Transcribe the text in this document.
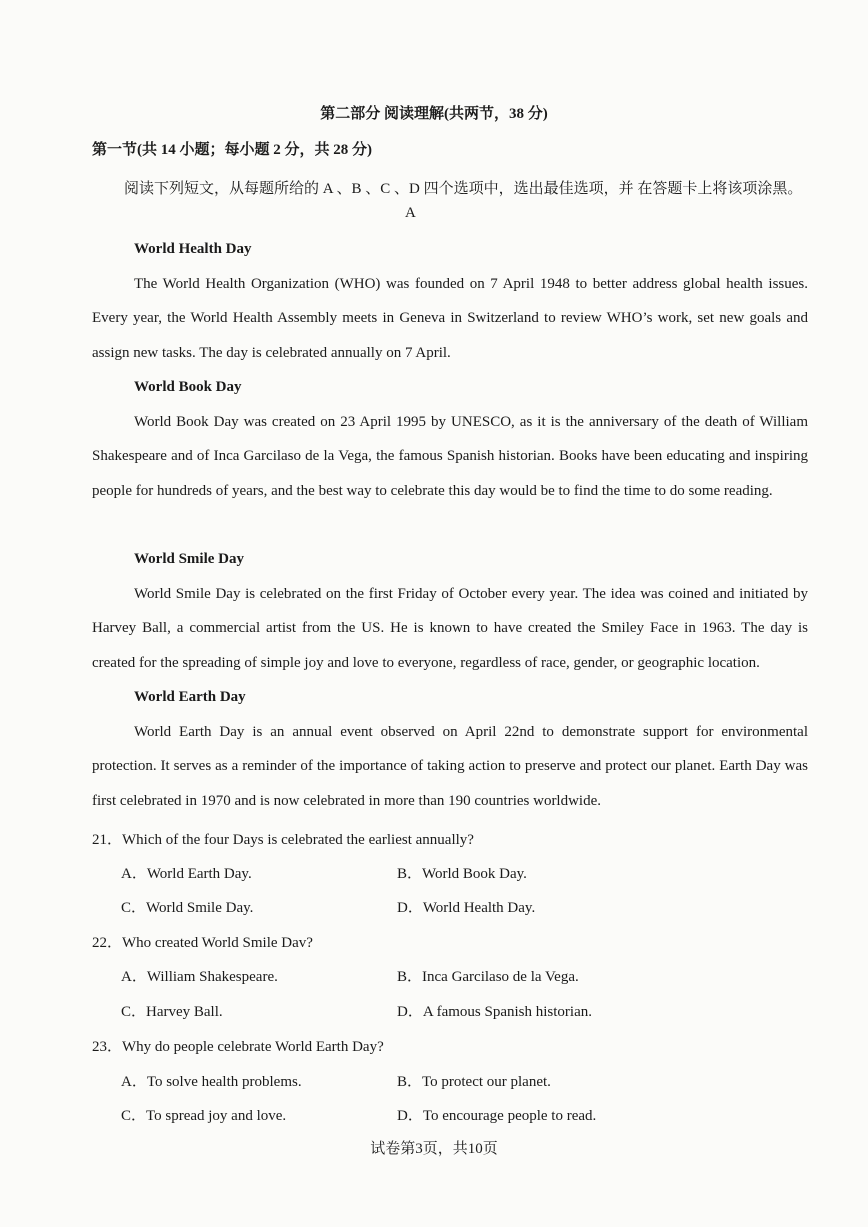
第二部分 阅读理解(共两节，38 分)
第一节(共 14 小题；每小题 2 分，共 28 分)

阅读下列短文，从每题所给的 A 、B 、C 、D 四个选项中，选出最佳选项，并 在答题卡上将该项涂黑。

A
World Health Day

The World Health Organization (WHO) was founded on 7 April 1948 to better address global health issues. Every year, the World Health Assembly meets in Geneva in Switzerland to review WHO’s work, set new goals and assign new tasks. The day is celebrated annually on 7 April.

World Book Day

World Book Day was created on 23 April 1995 by UNESCO, as it is the anniversary of the death of William Shakespeare and of Inca Garcilaso de la Vega, the famous Spanish historian. Books have been educating and inspiring people for hundreds of years, and the best way to celebrate this day would be to find the time to do some reading.

World Smile Day

World Smile Day is celebrated on the first Friday of October every year. The idea was coined and initiated by Harvey Ball, a commercial artist from the US. He is known to have created the Smiley Face in 1963. The day is created for the spreading of simple joy and love to everyone, regardless of race, gender, or geographic location.

World Earth Day

World Earth Day is an annual event observed on April 22nd to demonstrate support for environmental protection. It serves as a reminder of the importance of taking action to preserve and protect our planet. Earth Day was first celebrated in 1970 and is now celebrated in more than 190 countries worldwide.

21．Which of the four Days is celebrated the earliest annually?
A．World Earth Day.	B．World Book Day.
C．World Smile Day.	D．World Health Day.
22．Who created World Smile Dav?
A．William Shakespeare.	B．Inca Garcilaso de la Vega.
C．Harvey Ball.	D．A famous Spanish historian.
23．Why do people celebrate World Earth Day?
A．To solve health problems.	B．To protect our planet.
C．To spread joy and love.	D．To encourage people to read.
试卷第3页，共10页
